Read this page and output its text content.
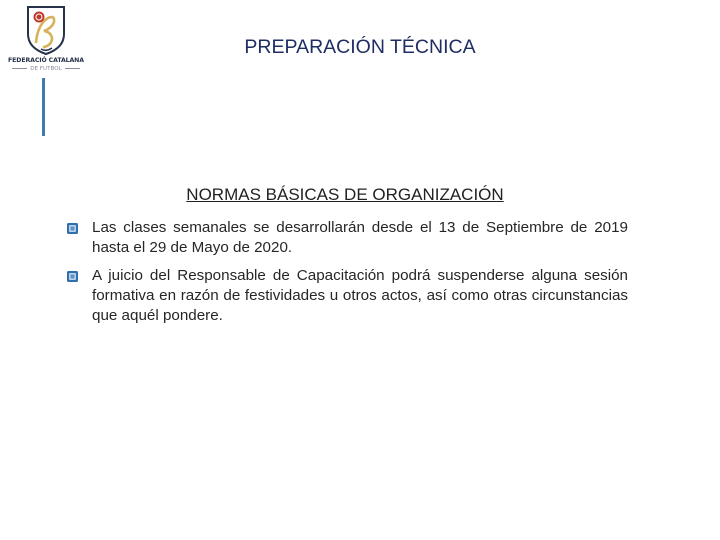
FEDERACIÓ CATALANA
DE FUTBOL
PREPARACIÓN TÉCNICA
NORMAS BÁSICAS DE ORGANIZACIÓN
Las clases semanales se desarrollarán desde el 13 de Septiembre de 2019 hasta el 29 de Mayo de 2020.
A juicio del Responsable de Capacitación podrá suspenderse alguna sesión formativa en razón de festividades u otros actos, así como otras circunstancias que aquél pondere.
